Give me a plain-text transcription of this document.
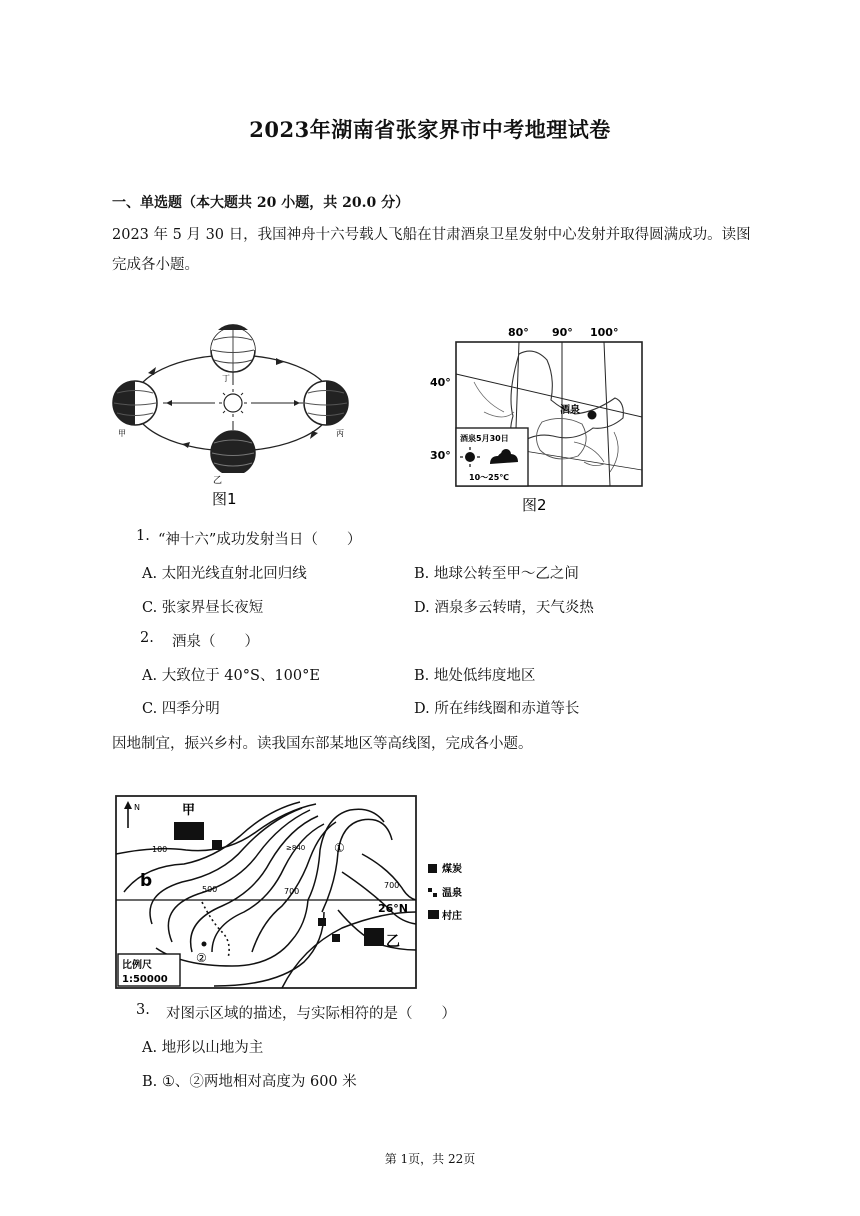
2023年湖南省张家界市中考地理试卷
一、单选题（本大题共 20 小题，共 20.0 分）
2023 年 5 月 30 日，我国神舟十六号载人飞船在甘肃酒泉卫星发射中心发射并取得圆满成功。读图完成各小题。
丁
甲	丙
乙
图1
80° 90° 100°
40°
30°
酒泉
酒泉5月30日
10～25℃
图2
1. “神十六”成功发射当日（　　）
A. 太阳光线直射北回归线	B. 地球公转至甲～乙之间
C. 张家界昼长夜短	D. 酒泉多云转晴，天气炎热
2. 酒泉（　　）
A. 大致位于 40°S、100°E	B. 地处低纬度地区
C. 四季分明	D. 所在纬线圈和赤道等长
因地制宜，振兴乡村。读我国东部某地区等高线图，完成各小题。
N	甲
100
500	700
700
≥840
b
①
②
26°N
乙
比例尺
1:50000
煤炭
温泉
村庄
3. 对图示区域的描述，与实际相符的是（　　）
A. 地形以山地为主
B. ①、②两地相对高度为 600 米
第 1页，共 22页
